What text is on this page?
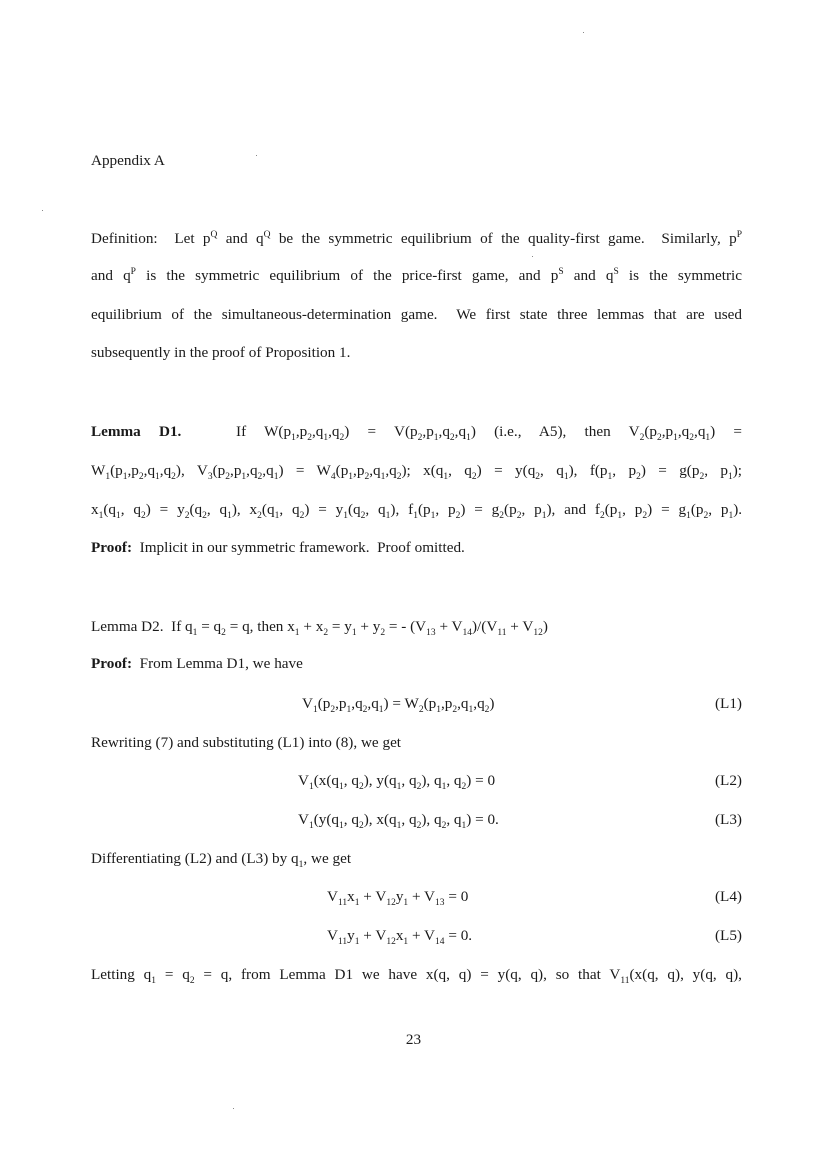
Appendix A
Definition:  Let $p^Q$ and $q^Q$ be the symmetric equilibrium of the quality-first game.  Similarly, $p^P$
and $q^P$ is the symmetric equilibrium of the price-first game, and $p^S$ and $q^S$ is the symmetric
equilibrium of the simultaneous-determination game.  We first state three lemmas that are used
subsequently in the proof of Proposition 1.
Lemma D1.   If $W(p_1,p_2,q_1,q_2) = V(p_2,p_1,q_2,q_1)$ (i.e., A5), then $V_2(p_2,p_1,q_2,q_1)$ =
$W_1(p_1,p_2,q_1,q_2)$, $V_3(p_2,p_1,q_2,q_1) = W_4(p_1,p_2,q_1,q_2)$; $x(q_1$, $q_2) = y(q_2$, $q_1$), $f(p_1$, $p_2) = g(p_2$, $p_1$);
$x_1(q_1$, $q_2) = y_2(q_2$, $q_1$), $x_2(q_1$, $q_2) = y_1(q_2$, $q_1$), $f_1(p_1$, $p_2) = g_2(p_2$, $p_1$), and $f_2(p_1$, $p_2) = g_1(p_2$, $p_1$).
Proof:  Implicit in our symmetric framework.  Proof omitted.
Lemma D2.  If $q_1 = q_2 = q$, then $x_1 + x_2 = y_1 + y_2$ = - $(V_{13} + V_{14})/(V_{11} + V_{12})$
Proof:  From Lemma D1, we have
$V_1(p_2,p_1,q_2,q_1) = W_2(p_1,p_2,q_1,q_2)$	(L1)
Rewriting (7) and substituting (L1) into (8), we get
$V_1(x(q_1$, $q_2$), $y(q_1$, $q_2$), $q_1$, $q_2) = 0$	(L2)
$V_1(y(q_1$, $q_2$), $x(q_1$, $q_2$), $q_2$, $q_1) = 0$.	(L3)
Differentiating (L2) and (L3) by $q_1$, we get
$V_{11}x_1 + V_{12}y_1 + V_{13} = 0$	(L4)
$V_{11}y_1 + V_{12}x_1 + V_{14} = 0$.	(L5)
Letting $q_1 = q_2 = q$, from Lemma D1 we have x(q, q) = y(q, q), so that $V_{11}(x(q$, q), y(q, q),
23
